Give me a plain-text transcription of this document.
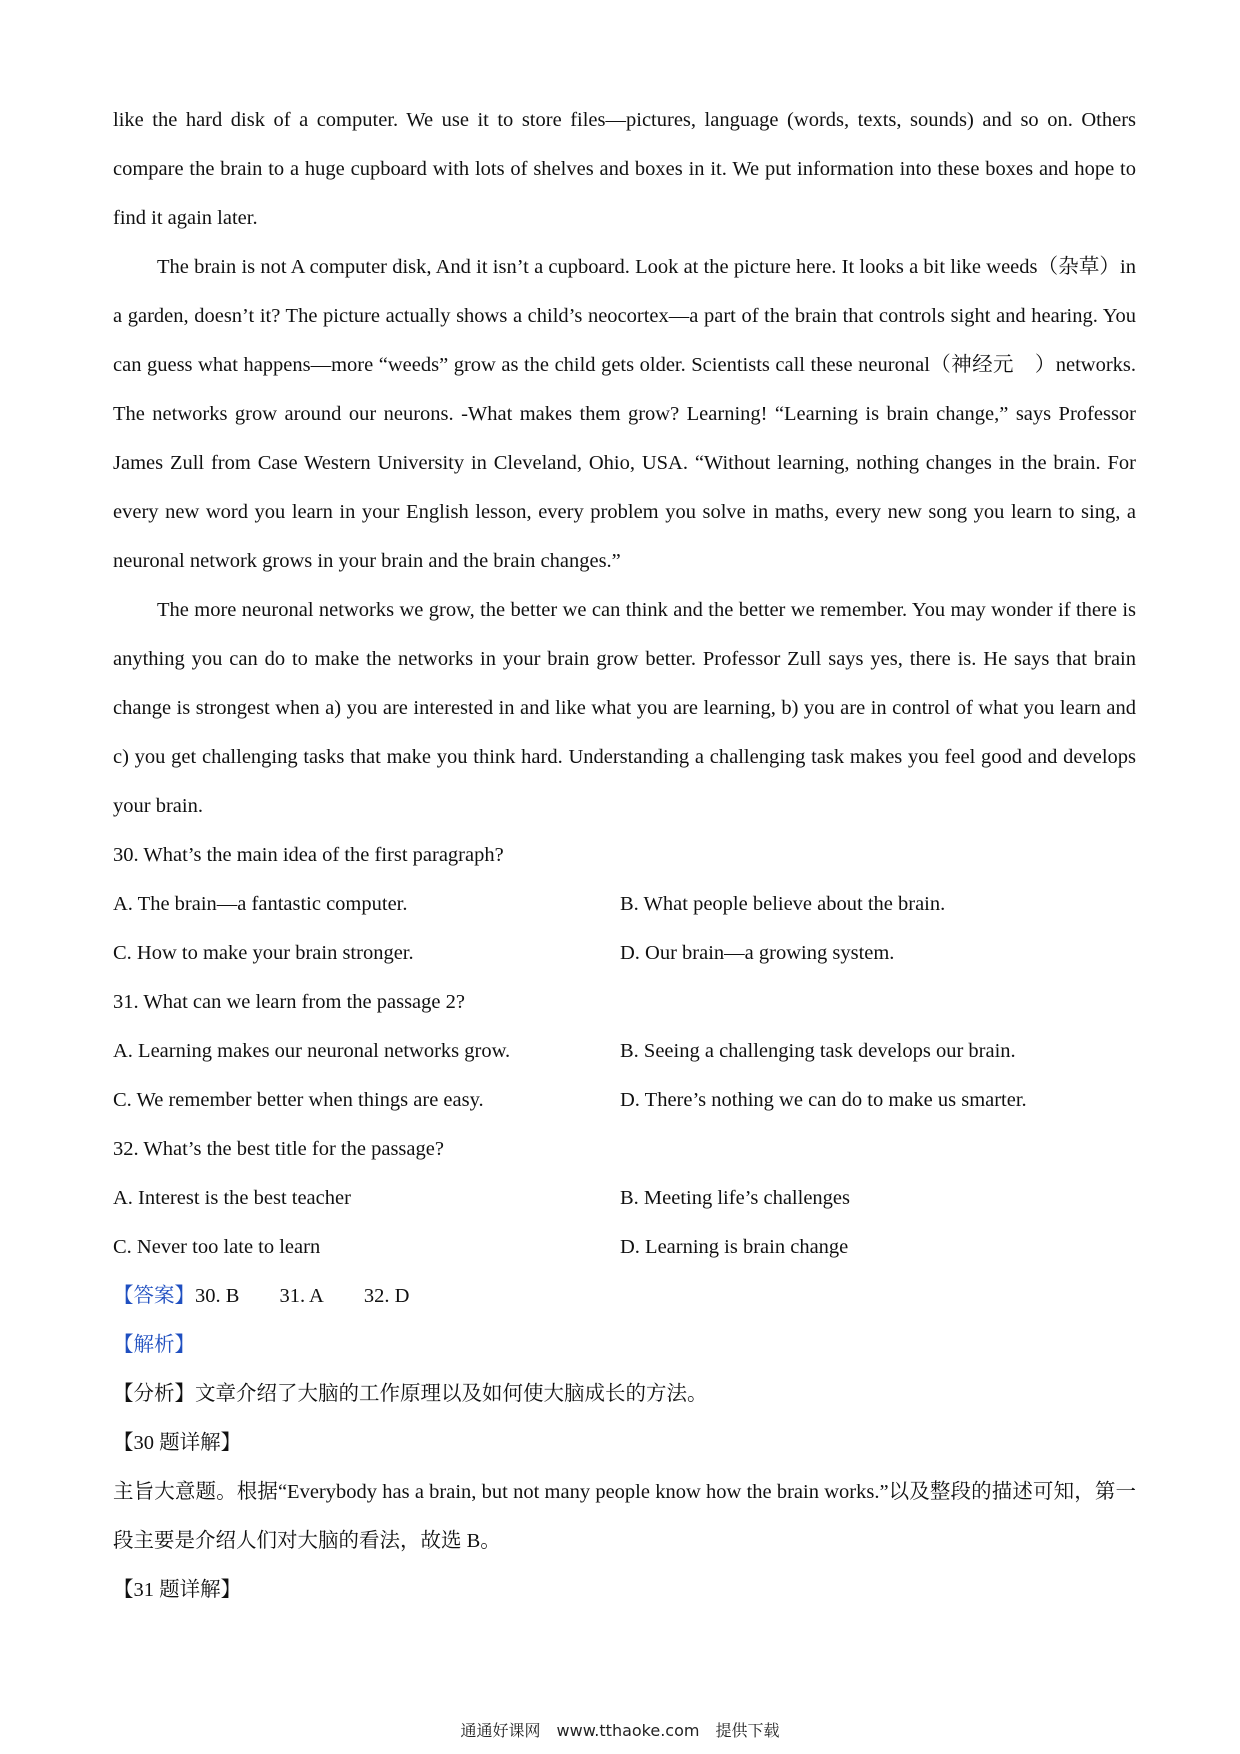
like the hard disk of a computer. We use it to store files—pictures, language (words, texts, sounds) and so on. Others compare the brain to a huge cupboard with lots of shelves and boxes in it. We put information into these boxes and hope to find it again later.

The brain is not A computer disk, And it isn’t a cupboard. Look at the picture here. It looks a bit like weeds（杂草）in a garden, doesn’t it? The picture actually shows a child’s neocortex—a part of the brain that controls sight and hearing. You can guess what happens—more “weeds” grow as the child gets older. Scientists call these neuronal（神经元　）networks. The networks grow around our neurons. -What makes them grow? Learning! “Learning is brain change,” says Professor James Zull from Case Western University in Cleveland, Ohio, USA. “Without learning, nothing changes in the brain. For every new word you learn in your English lesson, every problem you solve in maths, every new song you learn to sing, a neuronal network grows in your brain and the brain changes.”

The more neuronal networks we grow, the better we can think and the better we remember. You may wonder if there is anything you can do to make the networks in your brain grow better. Professor Zull says yes, there is. He says that brain change is strongest when a) you are interested in and like what you are learning, b) you are in control of what you learn and c) you get challenging tasks that make you think hard. Understanding a challenging task makes you feel good and develops your brain.

30. What’s the main idea of the first paragraph?

A. The brain—a fantastic computer.	B. What people believe about the brain.
C. How to make your brain stronger.	D. Our brain—a growing system.

31. What can we learn from the passage 2?

A. Learning makes our neuronal networks grow.	B. Seeing a challenging task develops our brain.
C. We remember better when things are easy.	D. There’s nothing we can do to make us smarter.

32. What’s the best title for the passage?

A. Interest is the best teacher	B. Meeting life’s challenges
C. Never too late to learn	D. Learning is brain change
【答案】30. B 31. A 32. D

【解析】

【分析】文章介绍了大脑的工作原理以及如何使大脑成长的方法。

【30 题详解】

主旨大意题。根据“Everybody has a brain, but not many people know how the brain works.”以及整段的描述可知，第一段主要是介绍人们对大脑的看法，故选 B。

【31 题详解】

通通好课网　www.tthaoke.com　提供下载
